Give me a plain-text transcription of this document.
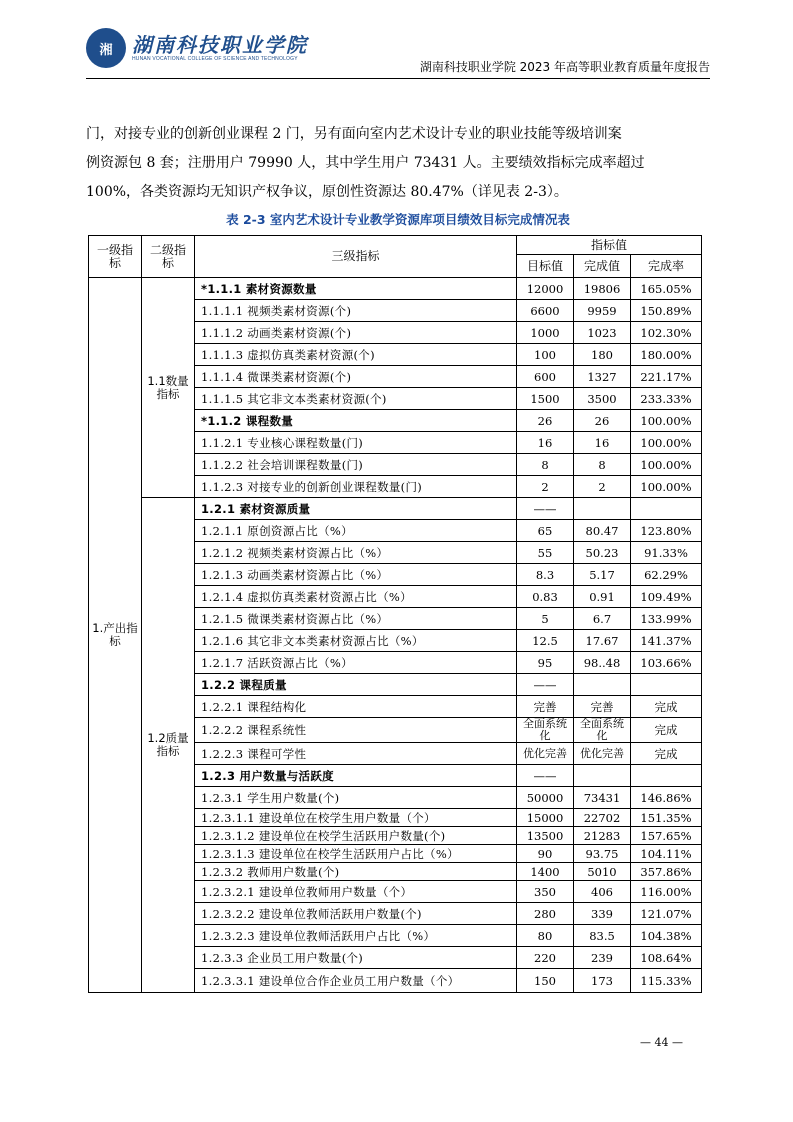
湘 湖南科技职业学院
HUNAN VOCATIONAL COLLEGE OF SCIENCE AND TECHNOLOGY
湖南科技职业学院 2023 年高等职业教育质量年度报告

门，对接专业的创新创业课程 2 门，另有面向室内艺术设计专业的职业技能等级培训案

例资源包 8 套；注册用户 79990 人，其中学生用户 73431 人。主要绩效指标完成率超过

100%，各类资源均无知识产权争议，原创性资源达 80.47%（详见表 2-3）。

表 2-3 室内艺术设计专业教学资源库项目绩效目标完成情况表
一级指标	二级指标	三级指标	指标值		
			目标值	完成值	完成率
1.产出指标	1.1数量指标	*1.1.1 素材资源数量	12000	19806	165.05%
		1.1.1.1 视频类素材资源(个)	6600	9959	150.89%
		1.1.1.2 动画类素材资源(个)	1000	1023	102.30%
		1.1.1.3 虚拟仿真类素材资源(个)	100	180	180.00%
		1.1.1.4 微课类素材资源(个)	600	1327	221.17%
		1.1.1.5 其它非文本类素材资源(个)	1500	3500	233.33%
		*1.1.2 课程数量	26	26	100.00%
		1.1.2.1 专业核心课程数量(门)	16	16	100.00%
		1.1.2.2 社会培训课程数量(门)	8	8	100.00%
		1.1.2.3 对接专业的创新创业课程数量(门)	2	2	100.00%
	1.2质量指标	1.2.1 素材资源质量	——		
		1.2.1.1 原创资源占比（%）	65	80.47	123.80%
		1.2.1.2 视频类素材资源占比（%）	55	50.23	91.33%
		1.2.1.3 动画类素材资源占比（%）	8.3	5.17	62.29%
		1.2.1.4 虚拟仿真类素材资源占比（%）	0.83	0.91	109.49%
		1.2.1.5 微课类素材资源占比（%）	5	6.7	133.99%
		1.2.1.6 其它非文本类素材资源占比（%）	12.5	17.67	141.37%
		1.2.1.7 活跃资源占比（%）	95	98..48	103.66%
		1.2.2 课程质量	——		
		1.2.2.1 课程结构化	完善	完善	完成
		1.2.2.2 课程系统性	全面系统化	全面系统化	完成
		1.2.2.3 课程可学性	优化完善	优化完善	完成
		1.2.3 用户数量与活跃度	——		
		1.2.3.1 学生用户数量(个)	50000	73431	146.86%
		1.2.3.1.1 建设单位在校学生用户数量（个）	15000	22702	151.35%
		1.2.3.1.2 建设单位在校学生活跃用户数量(个)	13500	21283	157.65%
		1.2.3.1.3 建设单位在校学生活跃用户占比（%）	90	93.75	104.11%
		1.2.3.2 教师用户数量(个)	1400	5010	357.86%
		1.2.3.2.1 建设单位教师用户数量（个）	350	406	116.00%
		1.2.3.2.2 建设单位教师活跃用户数量(个)	280	339	121.07%
		1.2.3.2.3 建设单位教师活跃用户占比（%）	80	83.5	104.38%
		1.2.3.3 企业员工用户数量(个)	220	239	108.64%
		1.2.3.3.1 建设单位合作企业员工用户数量（个）	150	173	115.33%
— 44 —
